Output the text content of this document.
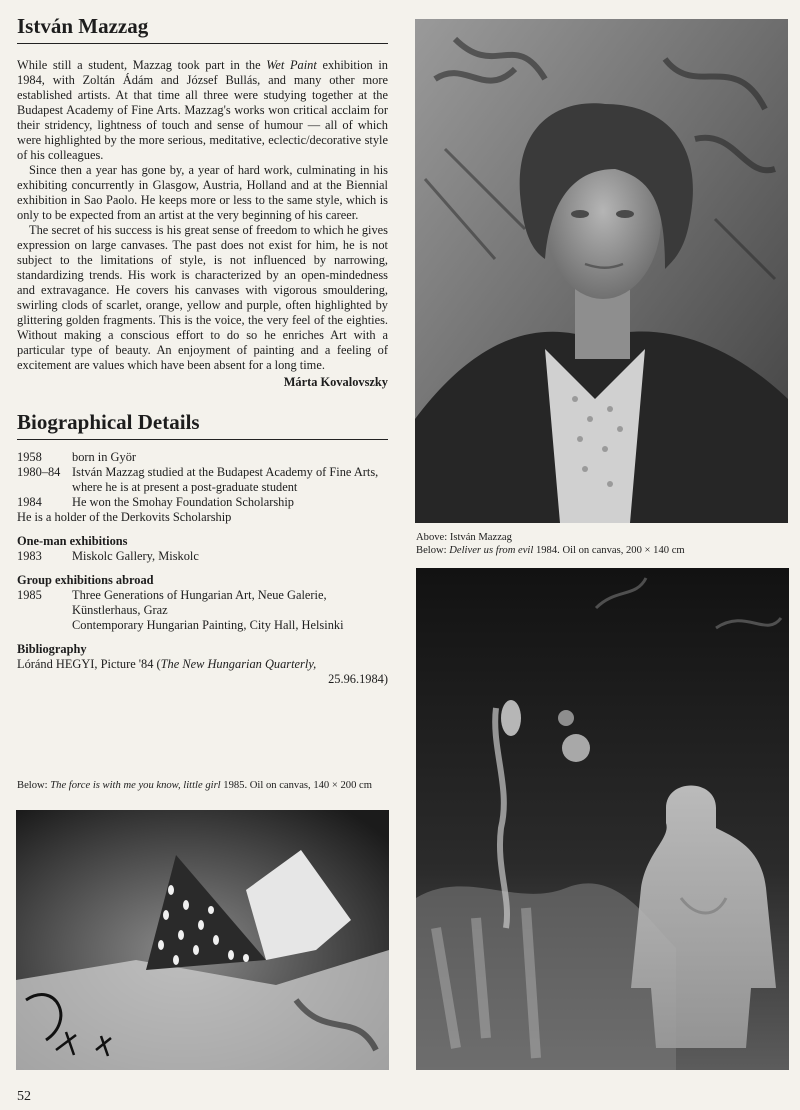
István Mazzag

While still a student, Mazzag took part in the Wet Paint exhibition in 1984, with Zoltán Ádám and József Bullás, and many other more established artists. At that time all three were studying together at the Budapest Academy of Fine Arts. Mazzag's works won critical acclaim for their stridency, lightness of touch and sense of humour — all of which were highlighted by the more serious, meditative, eclectic/decorative style of his colleagues.

Since then a year has gone by, a year of hard work, culminating in his exhibiting concurrently in Glasgow, Austria, Holland and at the Biennial exhibition in Sao Paolo. He keeps more or less to the same style, which is only to be expected from an artist at the very beginning of his career.

The secret of his success is his great sense of freedom to which he gives expression on large canvases. The past does not exist for him, he is not subject to the limitations of style, is not influenced by narrowing, standardizing trends. His work is characterized by an open-mindedness and extravagance. He covers his canvases with vigorous smouldering, swirling clods of scarlet, orange, yellow and purple, often highlighted by glittering golden fragments. This is the voice, the very feel of the eighties. Without making a conscious effort to do so he enriches Art with a particular type of beauty. An enjoyment of painting and a feeling of excitement are values which have been absent for a long time.

Márta Kovalovszky
Biographical Details
1958	born in Györ
1980–84 István Mazzag studied at the Budapest Academy of Fine Arts, where he is at present a post-graduate student
1984	He won the Smohay Foundation Scholarship
He is a holder of the Derkovits Scholarship
One-man exhibitions
1983	Miskolc Gallery, Miskolc
Group exhibitions abroad
1985	Three Generations of Hungarian Art, Neue Galerie, Künstlerhaus, Graz
Contemporary Hungarian Painting, City Hall, Helsinki
Bibliography
Lóránd HEGYI, Picture '84 (The New Hungarian Quarterly,

25.96.1984)
Below: The force is with me you know, little girl 1985. Oil on canvas, 140 × 200 cm
Above: István Mazzag
Below: Deliver us from evil 1984. Oil on canvas, 200 × 140 cm
52
